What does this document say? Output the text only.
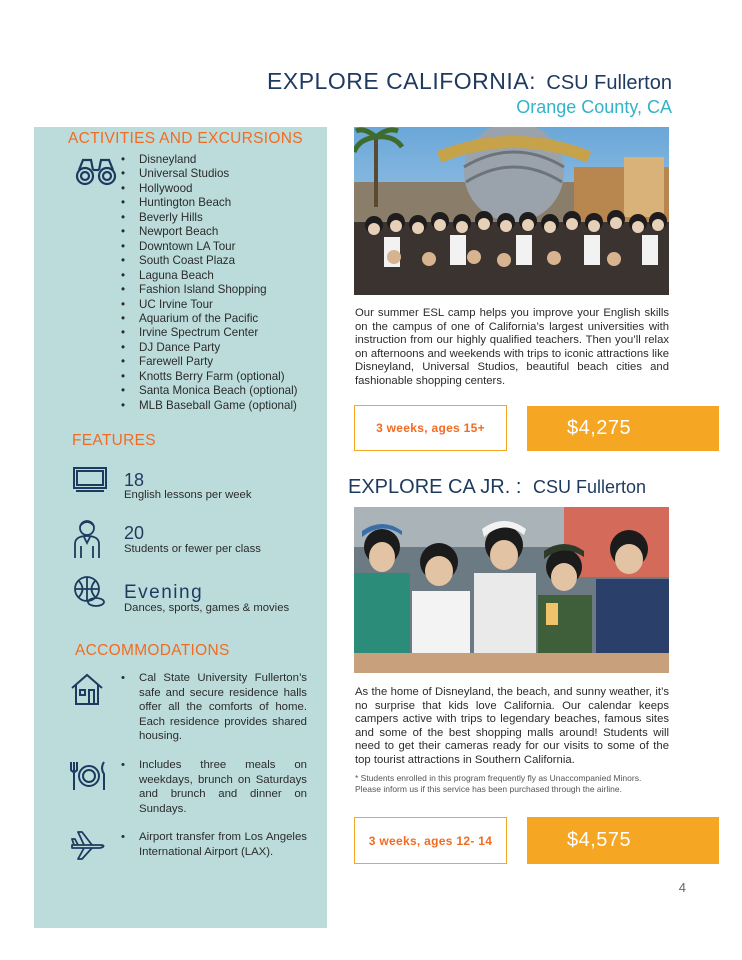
EXPLORE CALIFORNIA: CSU Fullerton
Orange County, CA
ACTIVITIES AND EXCURSIONS
• Disneyland
• Universal Studios
• Hollywood
• Huntington Beach
• Beverly Hills
• Newport Beach
• Downtown LA Tour
• South Coast Plaza
• Laguna Beach
• Fashion Island Shopping
• UC Irvine Tour
• Aquarium of the Pacific
• Irvine Spectrum Center
• DJ Dance Party
• Farewell Party
• Knotts Berry Farm (optional)
• Santa Monica Beach (optional)
• MLB Baseball Game (optional)
FEATURES
18
English lessons per week
20
Students or fewer per class
Evening
Dances, sports, games & movies
ACCOMMODATIONS
• Cal State University Fullerton’s safe and secure residence halls offer all the comforts of home. Each residence provides shared housing.
• Includes three meals on weekdays, brunch on Saturdays and brunch and dinner on Sundays.
• Airport transfer from Los Angeles International Airport (LAX).
Our summer ESL camp helps you improve your English skills on the campus of one of California’s largest universities with instruction from our highly qualified teachers. Then you’ll relax on afternoons and weekends with trips to iconic attractions like Disneyland, Universal Studios, beautiful beach cities and fashionable shopping centers.
3 weeks, ages 15+	$4,275
EXPLORE CA JR. : CSU Fullerton
As the home of Disneyland, the beach, and sunny weather, it’s no surprise that kids love California. Our calendar keeps campers active with trips to legendary beaches, famous sites and some of the best shopping malls around! Students will need to get their cameras ready for our visits to some of the top tourist attractions in Southern California.
* Students enrolled in this program frequently fly as Unaccompanied Minors. Please inform us if this service has been purchased through the airline.
3 weeks, ages 12- 14	$4,575
4
